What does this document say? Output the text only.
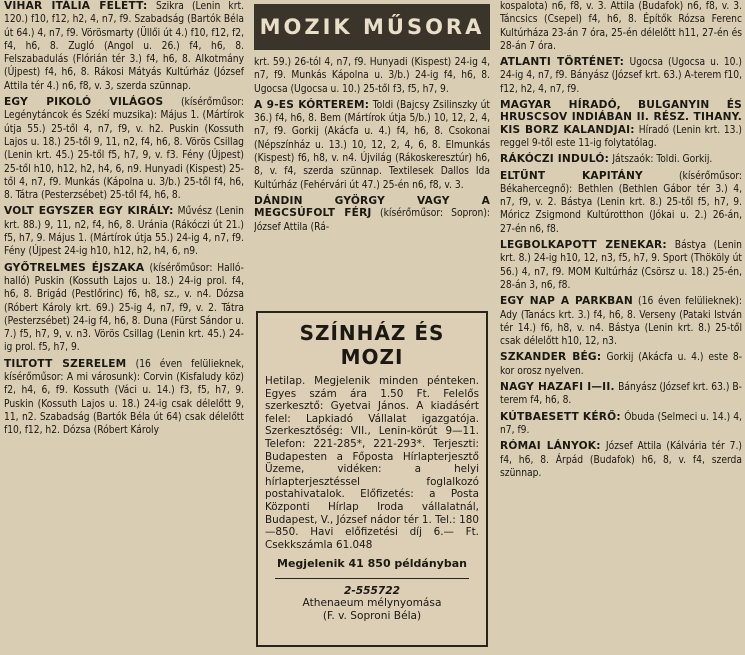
VIHAR ITÁLIA FELETT: Szikra (Lenin krt. 120.) f10, f12, h2, 4, n7, f9. Szabadság (Bartók Béla út 64.) 4, n7, f9. Vörösmarty (Üllői út 4.) f10, f12, f2, f4, h6, 8. Zugló (Angol u. 26.) f4, h6, 8. Felszabadulás (Flórián tér 3.) f4, h6, 8. Alkotmány (Újpest) f4, h6, 8. Rákosi Mátyás Kultúrház (József Attila tér 4.) n6, f8, v. 3, szerda szünnap.
EGY PIKOLÓ VILÁGOS (kísérőműsor: Legénytáncok és Székí muzsika): Május 1. (Mártírok útja 55.) 25-től 4, n7, f9, v. h2. Puskin (Kossuth Lajos u. 18.) 25-től 9, 11, n2, f4, h6, 8. Vörös Csillag (Lenin krt. 45.) 25-től f5, h7, 9, v. f3. Fény (Újpest) 25-től h10, h12, h2, h4, 6, n9. Hunyadi (Kispest) 25-től 4, n7, f9. Munkás (Kápolna u. 3/b.) 25-től f4, h6, 8. Tátra (Pesterzsébet) 25-től f4, h6, 8.
VOLT EGYSZER EGY KIRÁLY: Művész (Lenin krt. 88.) 9, 11, n2, f4, h6, 8. Uránia (Rákóczi út 21.) f5, h7, 9. Május 1. (Mártírok útja 55.) 24-ig 4, n7, f9. Fény (Újpest 24-ig h10, h12, h2, h4, 6, n9.
GYŐTRELMES ÉJSZAKA (kísérőműsor: Halló-halló) Puskin (Kossuth Lajos u. 18.) 24-ig prol. f4, h6, 8. Brigád (Pestlőrinc) f6, h8, sz., v. n4. Dózsa (Róbert Károly krt. 69.) 25-ig 4, n7, f9, v. 2. Tátra (Pesterzsébet) 24-ig f4, h6, 8. Duna (Fürst Sándor u. 7.) f5, h7, 9, v. n3. Vörös Csillag (Lenin krt. 45.) 24-ig prol. f5, h7, 9.
TILTOTT SZERELEM (16 éven felülieknek, kísérőműsor: A mi városunk): Corvin (Kisfaludy köz) f2, h4, 6, f9. Kossuth (Váci u. 14.) f3, f5, h7, 9. Puskin (Kossuth Lajos u. 18.) 24-ig csak délelőtt 9, 11, n2. Szabadság (Bartók Béla út 64) csak délelőtt f10, f12, h2. Dózsa (Róbert Károly
MOZIK MŰSORA
krt. 59.) 26-tól 4, n7, f9. Hunyadi (Kispest) 24-ig 4, n7, f9. Munkás Kápolna u. 3/b.) 24-ig f4, h6, 8. Ugocsa (Ugocsa u. 10.) 25-től f3, f5, h7, 9.
A 9-ES KÓRTEREM: Toldi (Bajcsy Zsilinszky út 36.) f4, h6, 8. Bem (Mártírok útja 5/b.) 10, 12, 2, 4, n7, f9. Gorkij (Akácfa u. 4.) f4, h6, 8. Csokonai (Népszínház u. 13.) 10, 12, 2, 4, 6, 8. Elmunkás (Kispest) f6, h8, v. n4. Újvilág (Rákoskeresztúr) h6, 8, v. f4, szerda szünnap. Textilesek Dallos Ida Kultúrház (Fehérvári út 47.) 25-én n6, f8, v. 3.
DÁNDIN GYÖRGY VAGY A MEGCSÚFOLT FÉRJ (kísérőműsor: Sopron): József Attila (Rá-
SZÍNHÁZ ÉS MOZI
Hetilap. Megjelenik minden pénteken. Egyes szám ára 1.50 Ft. Felelős szerkesztő: Gyetvai János. A kiadásért felel: Lapkiadó Vállalat igazgatója. Szerkesztőség: VII., Lenin-körút 9—11. Telefon: 221-285*, 221-293*. Terjeszti: Budapesten a Főposta Hírlapterjesztő Üzeme, vidéken: a helyi hírlapterjesztéssel foglalkozó postahivatalok. Előfizetés: a Posta Központi Hírlap Iroda vállalatnál, Budapest, V., József nádor tér 1. Tel.: 180—850. Havi előfizetési díj 6.— Ft. Csekkszámla 61.048
Megjelenik 41 850 példányban
2-555722
Athenaeum mélynyomása
(F. v. Soproni Béla)
kospalota) n6, f8, v. 3. Attila (Budafok) n6, f8, v. 3. Táncsics (Csepel) f4, h6, 8. Építők Rózsa Ferenc Kultúrháza 23-án 7 óra, 25-én délelőtt h11, 27-én és 28-án 7 óra.
ATLANTI TÖRTÉNET: Ugocsa (Ugocsa u. 10.) 24-ig 4, n7, f9. Bányász (József krt. 63.) A-terem f10, f12, h2, 4, n7, f9.
MAGYAR HÍRADÓ, BULGANYIN ÉS HRUSCSOV INDIÁBAN II. RÉSZ. TIHANY. KIS BORZ KALANDJAI: Híradó (Lenin krt. 13.) reggel 9-től este 11-ig folytatólag.
RÁKÓCZI INDULÓ: Játszaók: Toldi. Gorkij.
ELTŰNT KAPITÁNY	(kísérőműsor: Békahercegnő): Bethlen (Bethlen Gábor tér 3.) 4, n7, f9, v. 2. Bástya (Lenin krt. 8.) 25-től f5, h7, 9. Móricz Zsigmond Kultúrotthon (Jókai u. 2.) 26-án, 27-én n6, f8.
LEGBOLKAPOTT ZENEKAR: Bástya (Lenin krt. 8.) 24-ig h10, 12, n3, f5, h7, 9. Sport (Thököly út 56.) 4, n7, f9. MOM Kultúrház (Csörsz u. 18.) 25-én, 28-án 3, n6, f8.
EGY NAP A PARKBAN (16 éven felülieknek): Ady (Tanács krt. 3.) f4, h6, 8. Verseny (Pataki István tér 14.) f6, h8, v. n4. Bástya (Lenin krt. 8.) 25-től csak délelőtt h10, 12, n3.
SZKANDER BÉG: Gorkij (Akácfa u. 4.) este 8-kor orosz nyelven.
NAGY HAZAFI I—II. Bányász (József krt. 63.) B-terem f4, h6, 8.
KÚTBAESETT KÉRŐ: Óbuda (Selmeci u. 14.) 4, n7, f9.
RÓMAI LÁNYOK: József Attila (Kálvária tér 7.) f4, h6, 8. Árpád (Budafok) h6, 8, v. f4, szerda szünnap.
